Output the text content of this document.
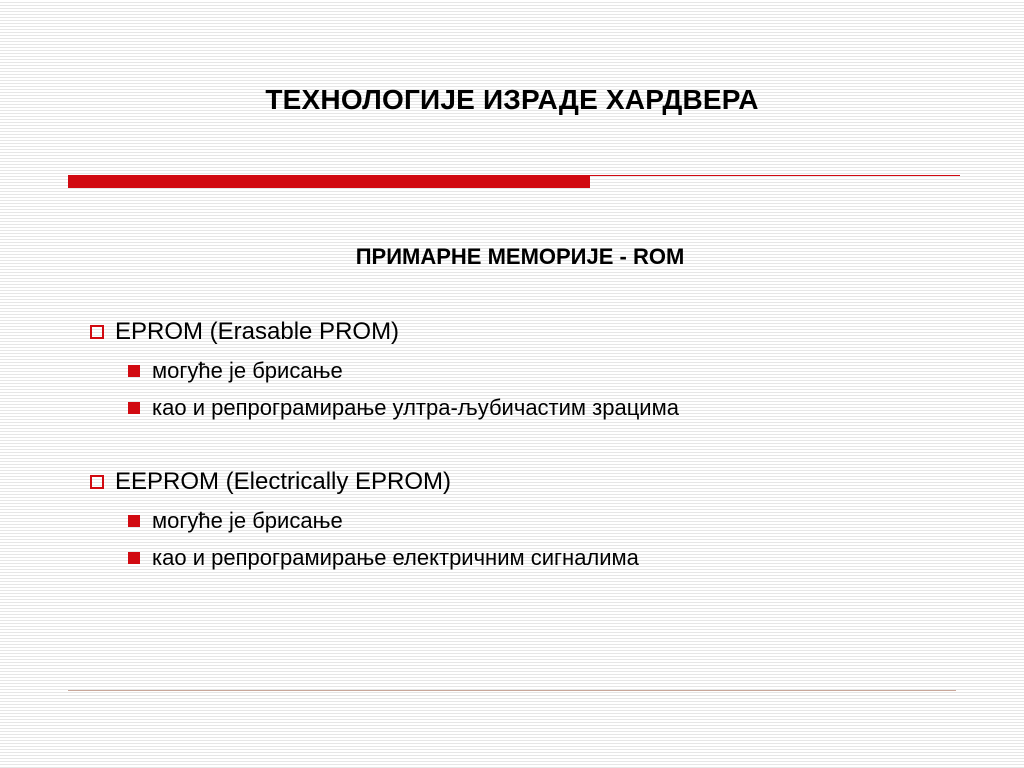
ТЕХНОЛОГИЈЕ ИЗРАДЕ ХАРДВЕРА
ПРИМАРНЕ МЕМОРИЈЕ - ROM
EPROM (Erasable PROM)
могуће је брисање
као и репрограмирање ултра-љубичастим зрацима
EEPROM (Electrically EPROM)
могуће је брисање
као и репрограмирање електричним сигналима
